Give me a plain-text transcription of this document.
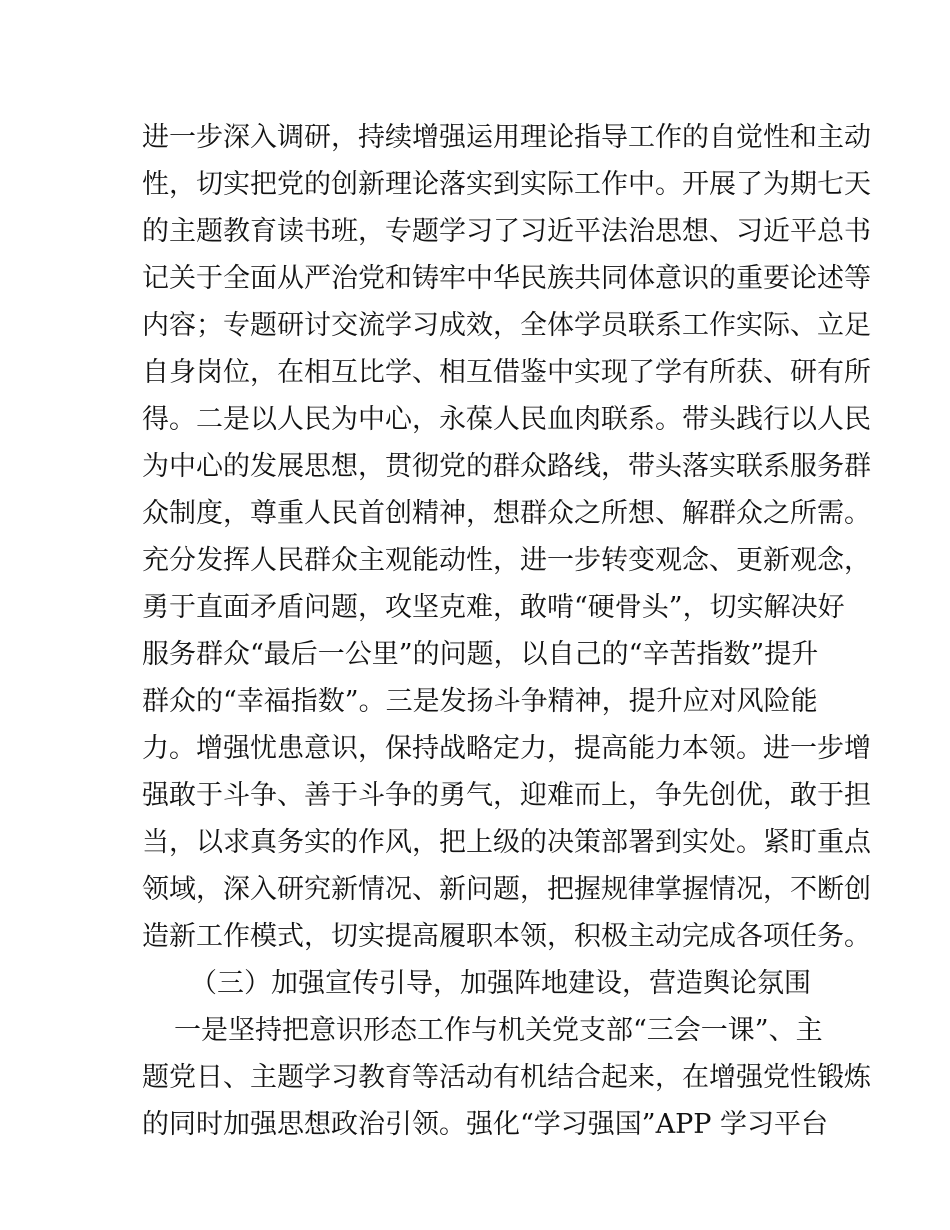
进一步深入调研，持续增强运用理论指导工作的自觉性和主动
性，切实把党的创新理论落实到实际工作中。开展了为期七天
的主题教育读书班，专题学习了习近平法治思想、习近平总书
记关于全面从严治党和铸牢中华民族共同体意识的重要论述等
内容；专题研讨交流学习成效，全体学员联系工作实际、立足
自身岗位，在相互比学、相互借鉴中实现了学有所获、研有所
得。二是以人民为中心，永葆人民血肉联系。带头践行以人民
为中心的发展思想，贯彻党的群众路线，带头落实联系服务群
众制度，尊重人民首创精神，想群众之所想、解群众之所需。
充分发挥人民群众主观能动性，进一步转变观念、更新观念，
勇于直面矛盾问题，攻坚克难，敢啃“硬骨头”，切实解决好
服务群众“最后一公里”的问题，以自己的“辛苦指数”提升
群众的“幸福指数”。三是发扬斗争精神，提升应对风险能
力。增强忧患意识，保持战略定力，提高能力本领。进一步增
强敢于斗争、善于斗争的勇气，迎难而上，争先创优，敢于担
当，以求真务实的作风，把上级的决策部署到实处。紧盯重点
领域，深入研究新情况、新问题，把握规律掌握情况，不断创
造新工作模式，切实提高履职本领，积极主动完成各项任务。
（三）加强宣传引导，加强阵地建设，营造舆论氛围
一是坚持把意识形态工作与机关党支部“三会一课”、主
题党日、主题学习教育等活动有机结合起来，在增强党性锻炼
的同时加强思想政治引领。强化“学习强国”APP 学习平台
